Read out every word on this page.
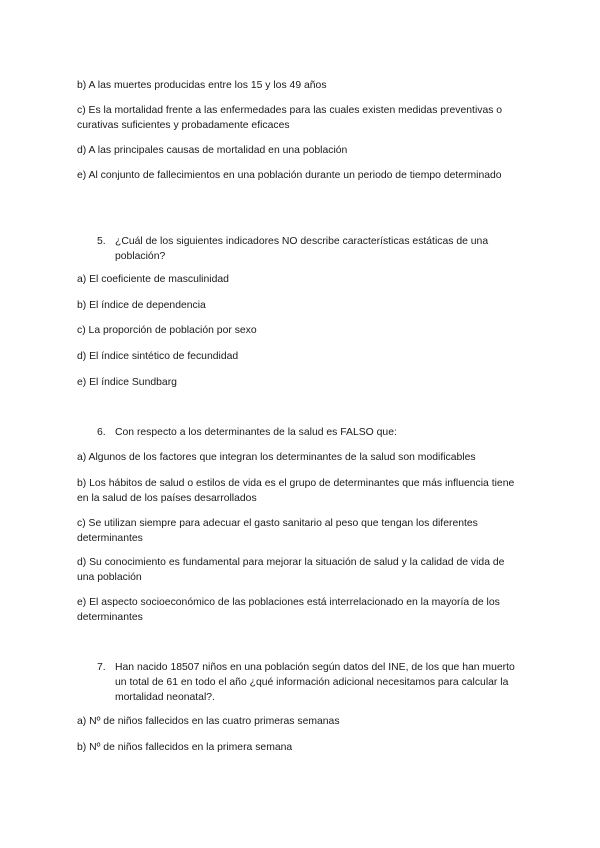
b) A las muertes producidas entre los 15 y los 49 años

c) Es la mortalidad frente a las enfermedades para las cuales existen medidas preventivas o curativas suficientes y probadamente eficaces

d) A las principales causas de mortalidad en una población

e) Al conjunto de fallecimientos en una población durante un periodo de tiempo determinado

5. ¿Cuál de los siguientes indicadores NO describe características estáticas de una población?

a) El coeficiente de masculinidad

b) El índice de dependencia

c) La proporción de población por sexo

d) El índice sintético de fecundidad

e) El índice Sundbarg

6. Con respecto a los determinantes de la salud es FALSO que:

a) Algunos de los factores que integran los determinantes de la salud son modificables

b) Los hábitos de salud o estilos de vida es el grupo de determinantes que más influencia tiene en la salud de los países desarrollados

c) Se utilizan siempre para adecuar el gasto sanitario al peso que tengan los diferentes determinantes

d) Su conocimiento es fundamental para mejorar la situación de salud y la calidad de vida de una población

e) El aspecto socioeconómico de las poblaciones está interrelacionado en la mayoría de los determinantes

7. Han nacido 18507 niños en una población según datos del INE, de los que han muerto un total de 61 en todo el año ¿qué información adicional necesitamos para calcular la mortalidad neonatal?.

a) Nº de niños fallecidos en las cuatro primeras semanas

b) Nº de niños fallecidos en la primera semana
